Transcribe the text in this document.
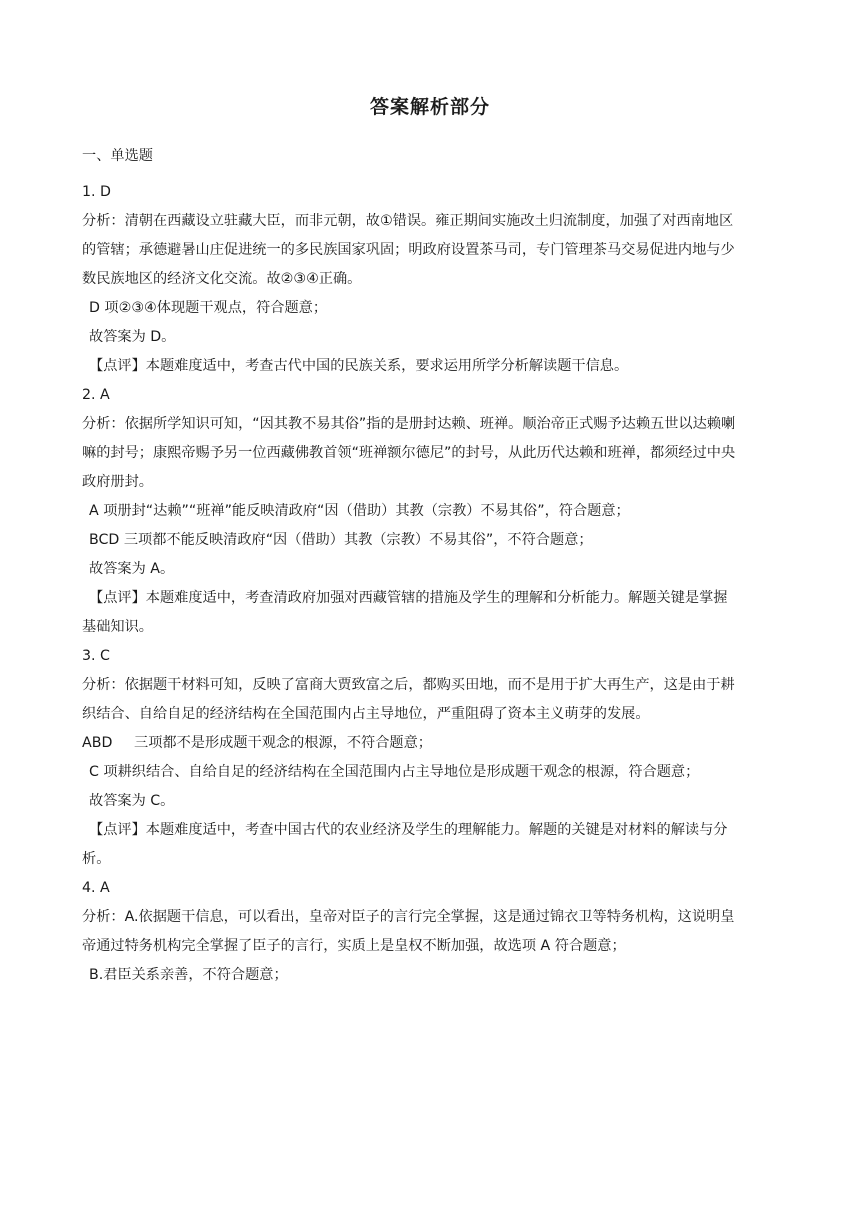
答案解析部分
一、单选题
1. D
分析：清朝在西藏设立驻藏大臣，而非元朝，故①错误。雍正期间实施改土归流制度，加强了对西南地区
的管辖；承德避暑山庄促进统一的多民族国家巩固；明政府设置茶马司，专门管理茶马交易促进内地与少
数民族地区的经济文化交流。故②③④正确。
D 项②③④体现题干观点，符合题意；
故答案为 D。
【点评】本题难度适中，考查古代中国的民族关系，要求运用所学分析解读题干信息。
2. A
分析：依据所学知识可知，“因其教不易其俗”指的是册封达赖、班禅。顺治帝正式赐予达赖五世以达赖喇
嘛的封号；康熙帝赐予另一位西藏佛教首领“班禅额尔德尼”的封号，从此历代达赖和班禅，都须经过中央
政府册封。
A 项册封“达赖”“班禅”能反映清政府“因（借助）其教（宗教）不易其俗”，符合题意；
BCD 三项都不能反映清政府“因（借助）其教（宗教）不易其俗”，不符合题意；
故答案为 A。
【点评】本题难度适中，考查清政府加强对西藏管辖的措施及学生的理解和分析能力。解题关键是掌握
基础知识。
3. C
分析：依据题干材料可知，反映了富商大贾致富之后，都购买田地，而不是用于扩大再生产，这是由于耕
织结合、自给自足的经济结构在全国范围内占主导地位，严重阻碍了资本主义萌芽的发展。
ABD 三项都不是形成题干观念的根源，不符合题意；
C 项耕织结合、自给自足的经济结构在全国范围内占主导地位是形成题干观念的根源，符合题意；
故答案为 C。
【点评】本题难度适中，考查中国古代的农业经济及学生的理解能力。解题的关键是对材料的解读与分
析。
4. A
分析：A.依据题干信息，可以看出，皇帝对臣子的言行完全掌握，这是通过锦衣卫等特务机构，这说明皇
帝通过特务机构完全掌握了臣子的言行，实质上是皇权不断加强，故选项 A 符合题意；
B.君臣关系亲善，不符合题意；
